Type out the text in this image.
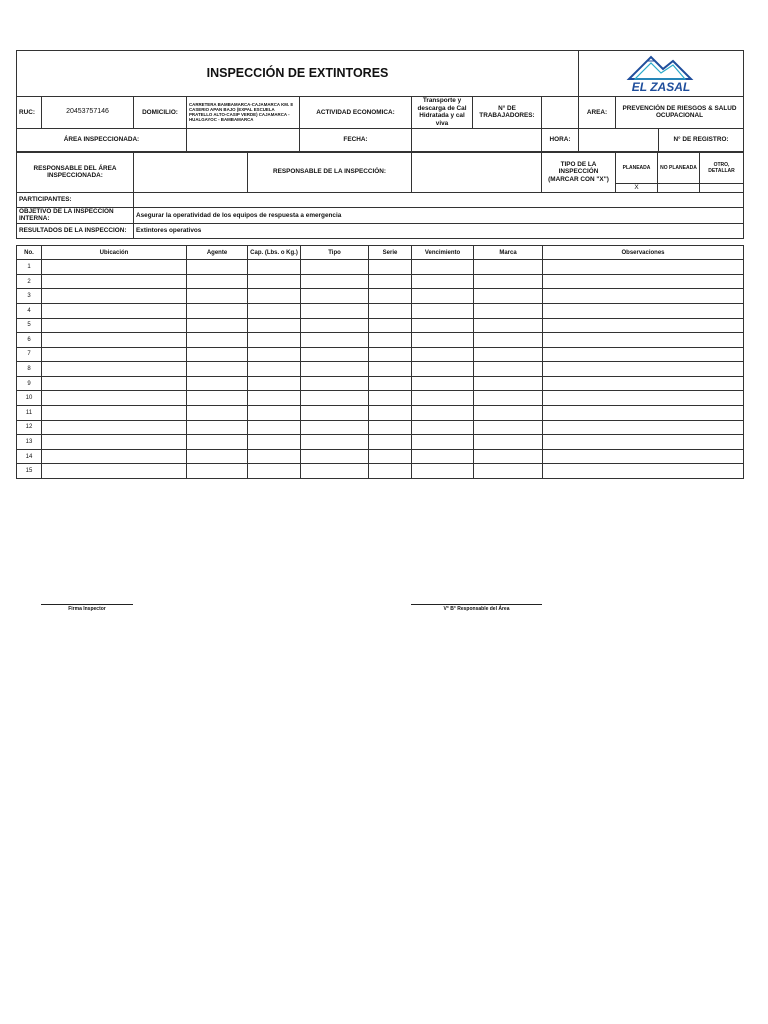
INSPECCIÓN DE EXTINTORES								EL ZASAL		

RUC:	20453757146	DOMICILIO:	CARRETERA BAMBAMARCA-CAJAMARCA KM. 8 CASERIO APAN BAJO (EXPAL ESCUELA PRATELLO ALTO-CASIP VERDE) CAJAMARCA - HUALGAYOC - BAMBAMARCA	ACTIVIDAD ECONOMICA:	Transporte y descarga de Cal Hidratada y cal viva	N° DE TRABAJADORES:		AREA:	PREVENCIÓN DE RIESGOS & SALUD OCUPACIONAL	
ÁREA INSPECCIONADA:				FECHA:			HORA:			N° DE REGISTRO:
RESPONSABLE DEL ÁREA INSPECCIONADA:		RESPONSABLE DE LA INSPECCIÓN:		TIPO DE LA INSPECCIÓN (MARCAR CON "X")	PLANEADA	NO PLANEADA	OTRO, DETALLAR
					X		
PARTICIPANTES:							
OBJETIVO DE LA INSPECCIÓN INTERNA:	Asegurar la operatividad de los equipos de respuesta a emergencia						
RESULTADOS DE LA INSPECCION:	Extintores operativos						
No.	Ubicación	Agente	Cap. (Lbs. o Kg.)	Tipo	Serie	Vencimiento	Marca	Observaciones
1								
2								
3								
4								
5								
6								
7								
8								
9								
10								
11								
12								
13								
14								
15								
Firma Inspector	V° B° Responsable del Área
